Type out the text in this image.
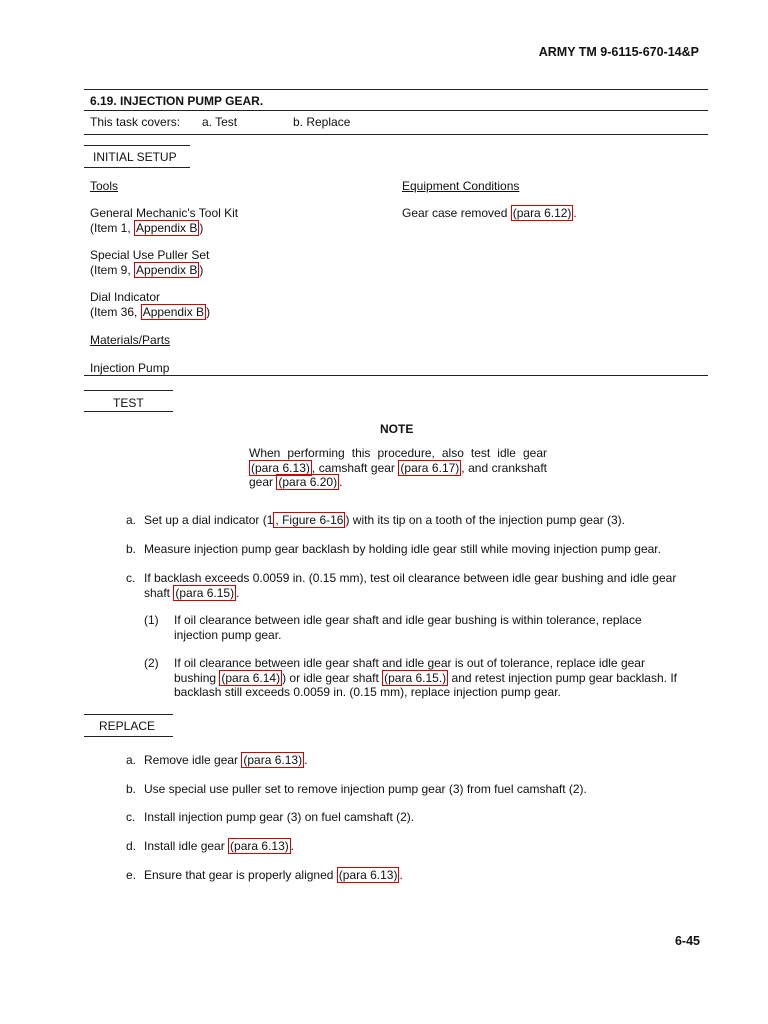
ARMY TM 9-6115-670-14&P
6.19. INJECTION PUMP GEAR.
This task covers: a. Test	b. Replace
INITIAL SETUP
Tools
General Mechanic's Tool Kit
(Item 1, Appendix B )
Special Use Puller Set
(Item 9, Appendix B )
Dial Indicator
(Item 36, Appendix B )
Materials/Parts
Injection Pump
Equipment Conditions
Gear case removed (para 6.12) .
TEST
NOTE
When performing this procedure, also test idle gear (para 6.13) , camshaft gear (para 6.17) , and crankshaft gear (para 6.20) .
a. Set up a dial indicator (1 , Figure 6-16 ) with its tip on a tooth of the injection pump gear (3).
b. Measure injection pump gear backlash by holding idle gear still while moving injection pump gear.
c. If backlash exceeds 0.0059 in. (0.15 mm), test oil clearance between idle gear bushing and idle gear
shaft (para 6.15) .
(1) If oil clearance between idle gear shaft and idle gear bushing is within tolerance, replace
injection pump gear.
(2) If oil clearance between idle gear shaft and idle gear is out of tolerance, replace idle gear
bushing (para 6.14) ) or idle gear shaft (para 6.15.) and retest injection pump gear backlash. If
backlash still exceeds 0.0059 in. (0.15 mm), replace injection pump gear.
REPLACE
a. Remove idle gear (para 6.13) .
b. Use special use puller set to remove injection pump gear (3) from fuel camshaft (2).
c. Install injection pump gear (3) on fuel camshaft (2).
d. Install idle gear (para 6.13) .
e. Ensure that gear is properly aligned (para 6.13) .
6-45
